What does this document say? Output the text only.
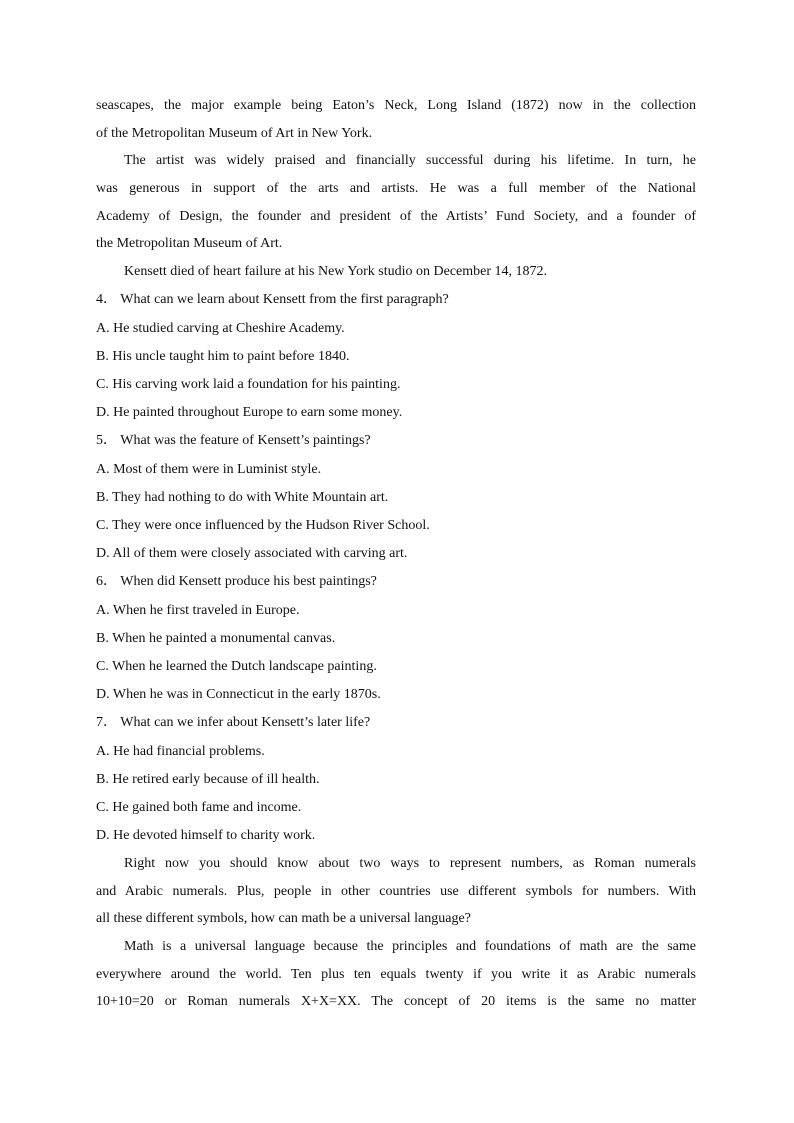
seascapes, the major example being Eaton’s Neck, Long Island (1872) now in the collection
of the Metropolitan Museum of Art in New York.
The artist was widely praised and financially successful during his lifetime. In turn, he
was generous in support of the arts and artists. He was a full member of the National
Academy of Design, the founder and president of the Artists’ Fund Society, and a founder of
the Metropolitan Museum of Art.
Kensett died of heart failure at his New York studio on December 14, 1872.
4． What can we learn about Kensett from the first paragraph?
A. He studied carving at Cheshire Academy.
B. His uncle taught him to paint before 1840.
C. His carving work laid a foundation for his painting.
D. He painted throughout Europe to earn some money.
5． What was the feature of Kensett’s paintings?
A. Most of them were in Luminist style.
B. They had nothing to do with White Mountain art.
C. They were once influenced by the Hudson River School.
D. All of them were closely associated with carving art.
6． When did Kensett produce his best paintings?
A. When he first traveled in Europe.
B. When he painted a monumental canvas.
C. When he learned the Dutch landscape painting.
D. When he was in Connecticut in the early 1870s.
7． What can we infer about Kensett’s later life?
A. He had financial problems.
B. He retired early because of ill health.
C. He gained both fame and income.
D. He devoted himself to charity work.
Right now you should know about two ways to represent numbers, as Roman numerals
and Arabic numerals. Plus, people in other countries use different symbols for numbers. With
all these different symbols, how can math be a universal language?
Math is a universal language because the principles and foundations of math are the same
everywhere around the world. Ten plus ten equals twenty if you write it as Arabic numerals
10+10=20 or Roman numerals X+X=XX. The concept of 20 items is the same no matter
